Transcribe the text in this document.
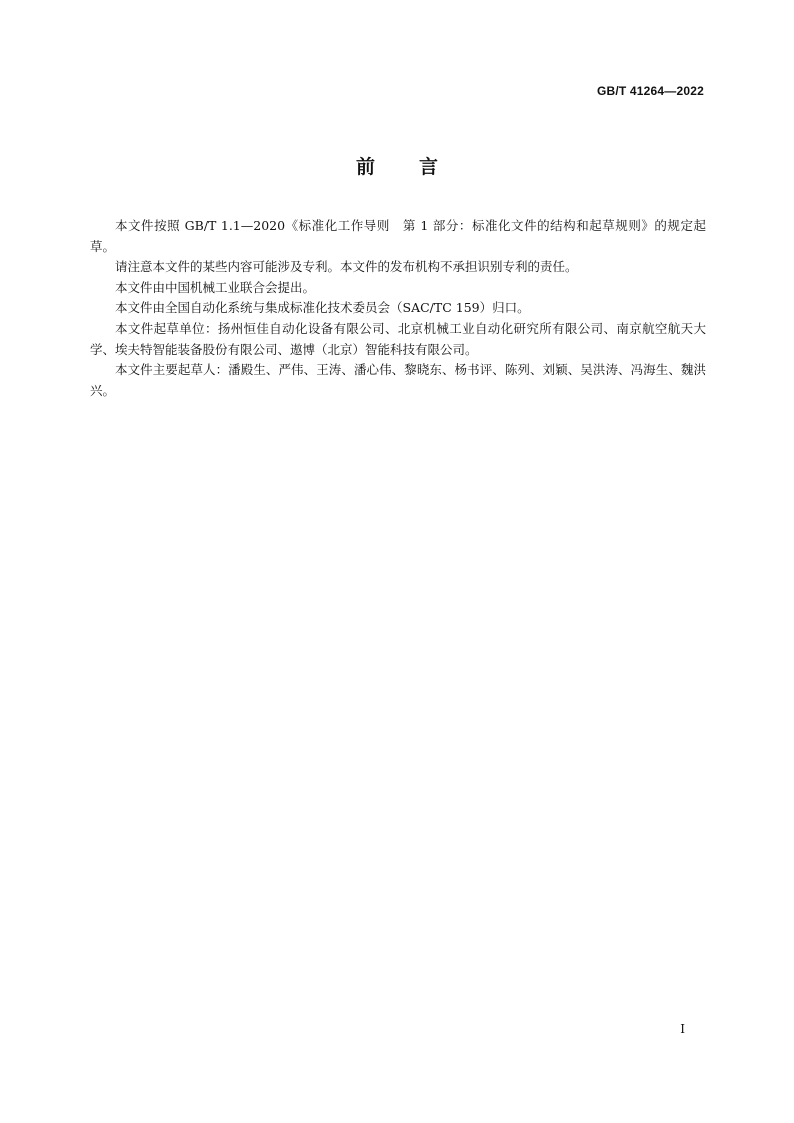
GB/T 41264—2022
前言

本文件按照 GB/T 1.1—2020《标准化工作导则　第 1 部分：标准化文件的结构和起草规则》的规定起草。

请注意本文件的某些内容可能涉及专利。本文件的发布机构不承担识别专利的责任。

本文件由中国机械工业联合会提出。

本文件由全国自动化系统与集成标准化技术委员会（SAC/TC 159）归口。

本文件起草单位：扬州恒佳自动化设备有限公司、北京机械工业自动化研究所有限公司、南京航空航天大学、埃夫特智能装备股份有限公司、遨博（北京）智能科技有限公司。

本文件主要起草人：潘殿生、严伟、王涛、潘心伟、黎晓东、杨书评、陈列、刘颖、吴洪涛、冯海生、魏洪兴。

I
